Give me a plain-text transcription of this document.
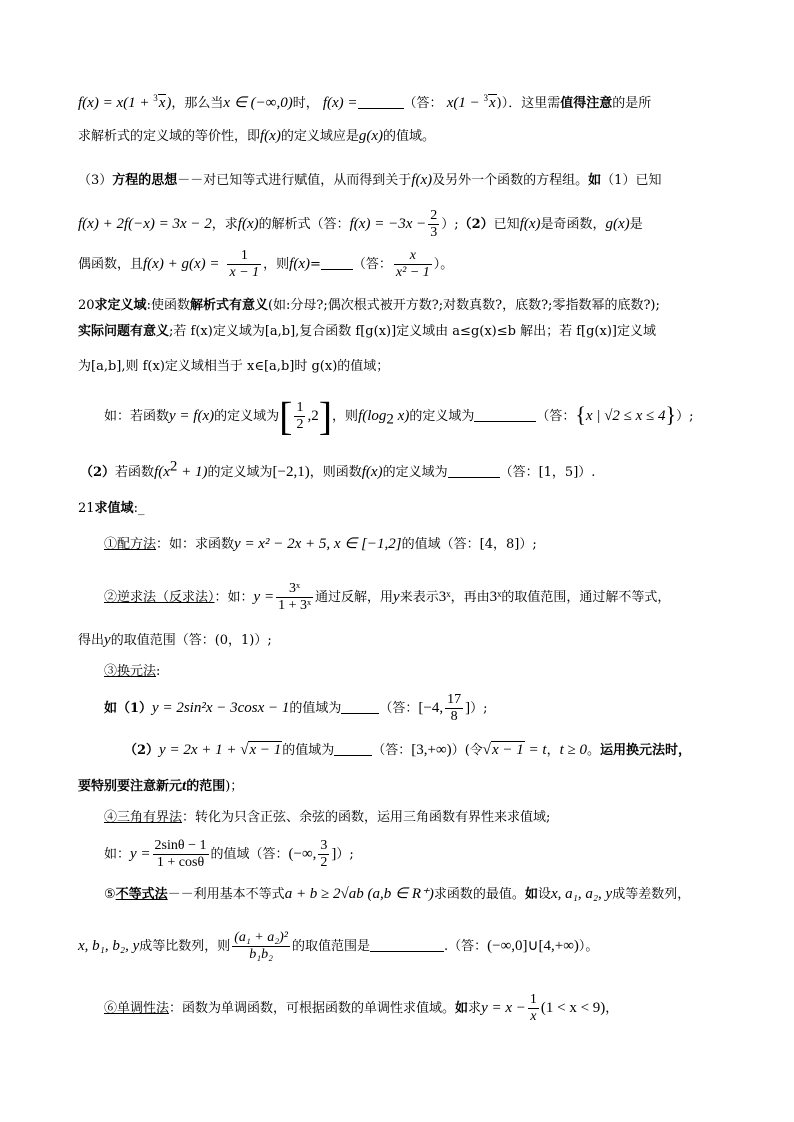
f(x) = x(1 + $^3$x)，那么当x ∈ (−∞,0)时， f(x) =	（答： x(1 − $^3$x)）．这里需值得注意的是所
求解析式的定义域的等价性，即f(x)的定义域应是g(x)的值域。
（3）方程的思想－－对已知等式进行赋值，从而得到关于f(x)及另外一个函数的方程组。如（1）已知
f(x) + 2f(−x) = 3x − 2，求f(x)的解析式（答：$f(x) = -3x - \frac{2}{3}$ ）;（2）已知f(x)是奇函数，g(x)是
偶函数，且$f(x) + g(x) = \frac{1}{x - 1}$ ，则f(x)= （答： $\frac{x}{\text{x² − 1}}$ ）。
20求定义域:使函数解析式有意义(如:分母?;偶次根式被开方数?;对数真数?，底数?;零指数幂的底数?);
实际问题有意义;若 f(x)定义域为[a,b],复合函数 f[g(x)]定义域由 a≤g(x)≤b 解出；若 f[g(x)]定义域
为[a,b],则 f(x)定义域相当于 x∈[a,b]时 g(x)的值域；
如：若函数y = f(x)的定义域为[ $\frac{1}{2} ,2$]，则$f(\log_2$ x)的定义域为	（答：{x | √2 ≤ x ≤ 4}）;
（2）若函数$f(x^2 + 1)$的定义域为[−2,1)，则函数f(x)的定义域为	（答：[1，5]）.
21求值域:_
①配方法：如：求函数y = x² − 2x + 5, x ∈ [−1,2]的值域（答：[4，8]）;
②逆求法（反求法）：如：$y = \frac{\text{3ˣ}}{\text{1 + 3ˣ}}$ 通过反解，用y来表示3ˣ，再由3ˣ的取值范围，通过解不等式，
得出y的取值范围（答：(0，1)）;
③换元法:
如（1）y = 2sin²x − 3cosx − 1的值域为	（答：[−4, $\frac{17}{8}$ ]）;
（2）y = 2x + 1 + √x − 1的值域为	（答：[3,+∞)）(令√x − 1 = t，t ≥ 0。运用换元法时，
要特别要注意新元t的范围)；
④三角有界法：转化为只含正弦、余弦的函数，运用三角函数有界性来求值域;
如：$y = \frac{2\sin\theta - 1}{1 + \cos\theta}$ 的值域（答：(−∞, $\frac{3}{2}$ ]）;
⑤不等式法－－利用基本不等式a + b ≥ 2√ab (a,b ∈ R⁺)求函数的最值。如设x, a₁, a₂, y成等差数列，
x, b₁, b₂, y成等比数列，则 $\frac{\text{(a₁ + a₂)²}}{\text{b₁b₂}}$ 的取值范围是	.（答：(−∞,0]∪[4,+∞)）。
⑥单调性法：函数为单调函数，可根据函数的单调性求值域。如求$y = x - \frac{1}{x} (1 < x < 9)$，
